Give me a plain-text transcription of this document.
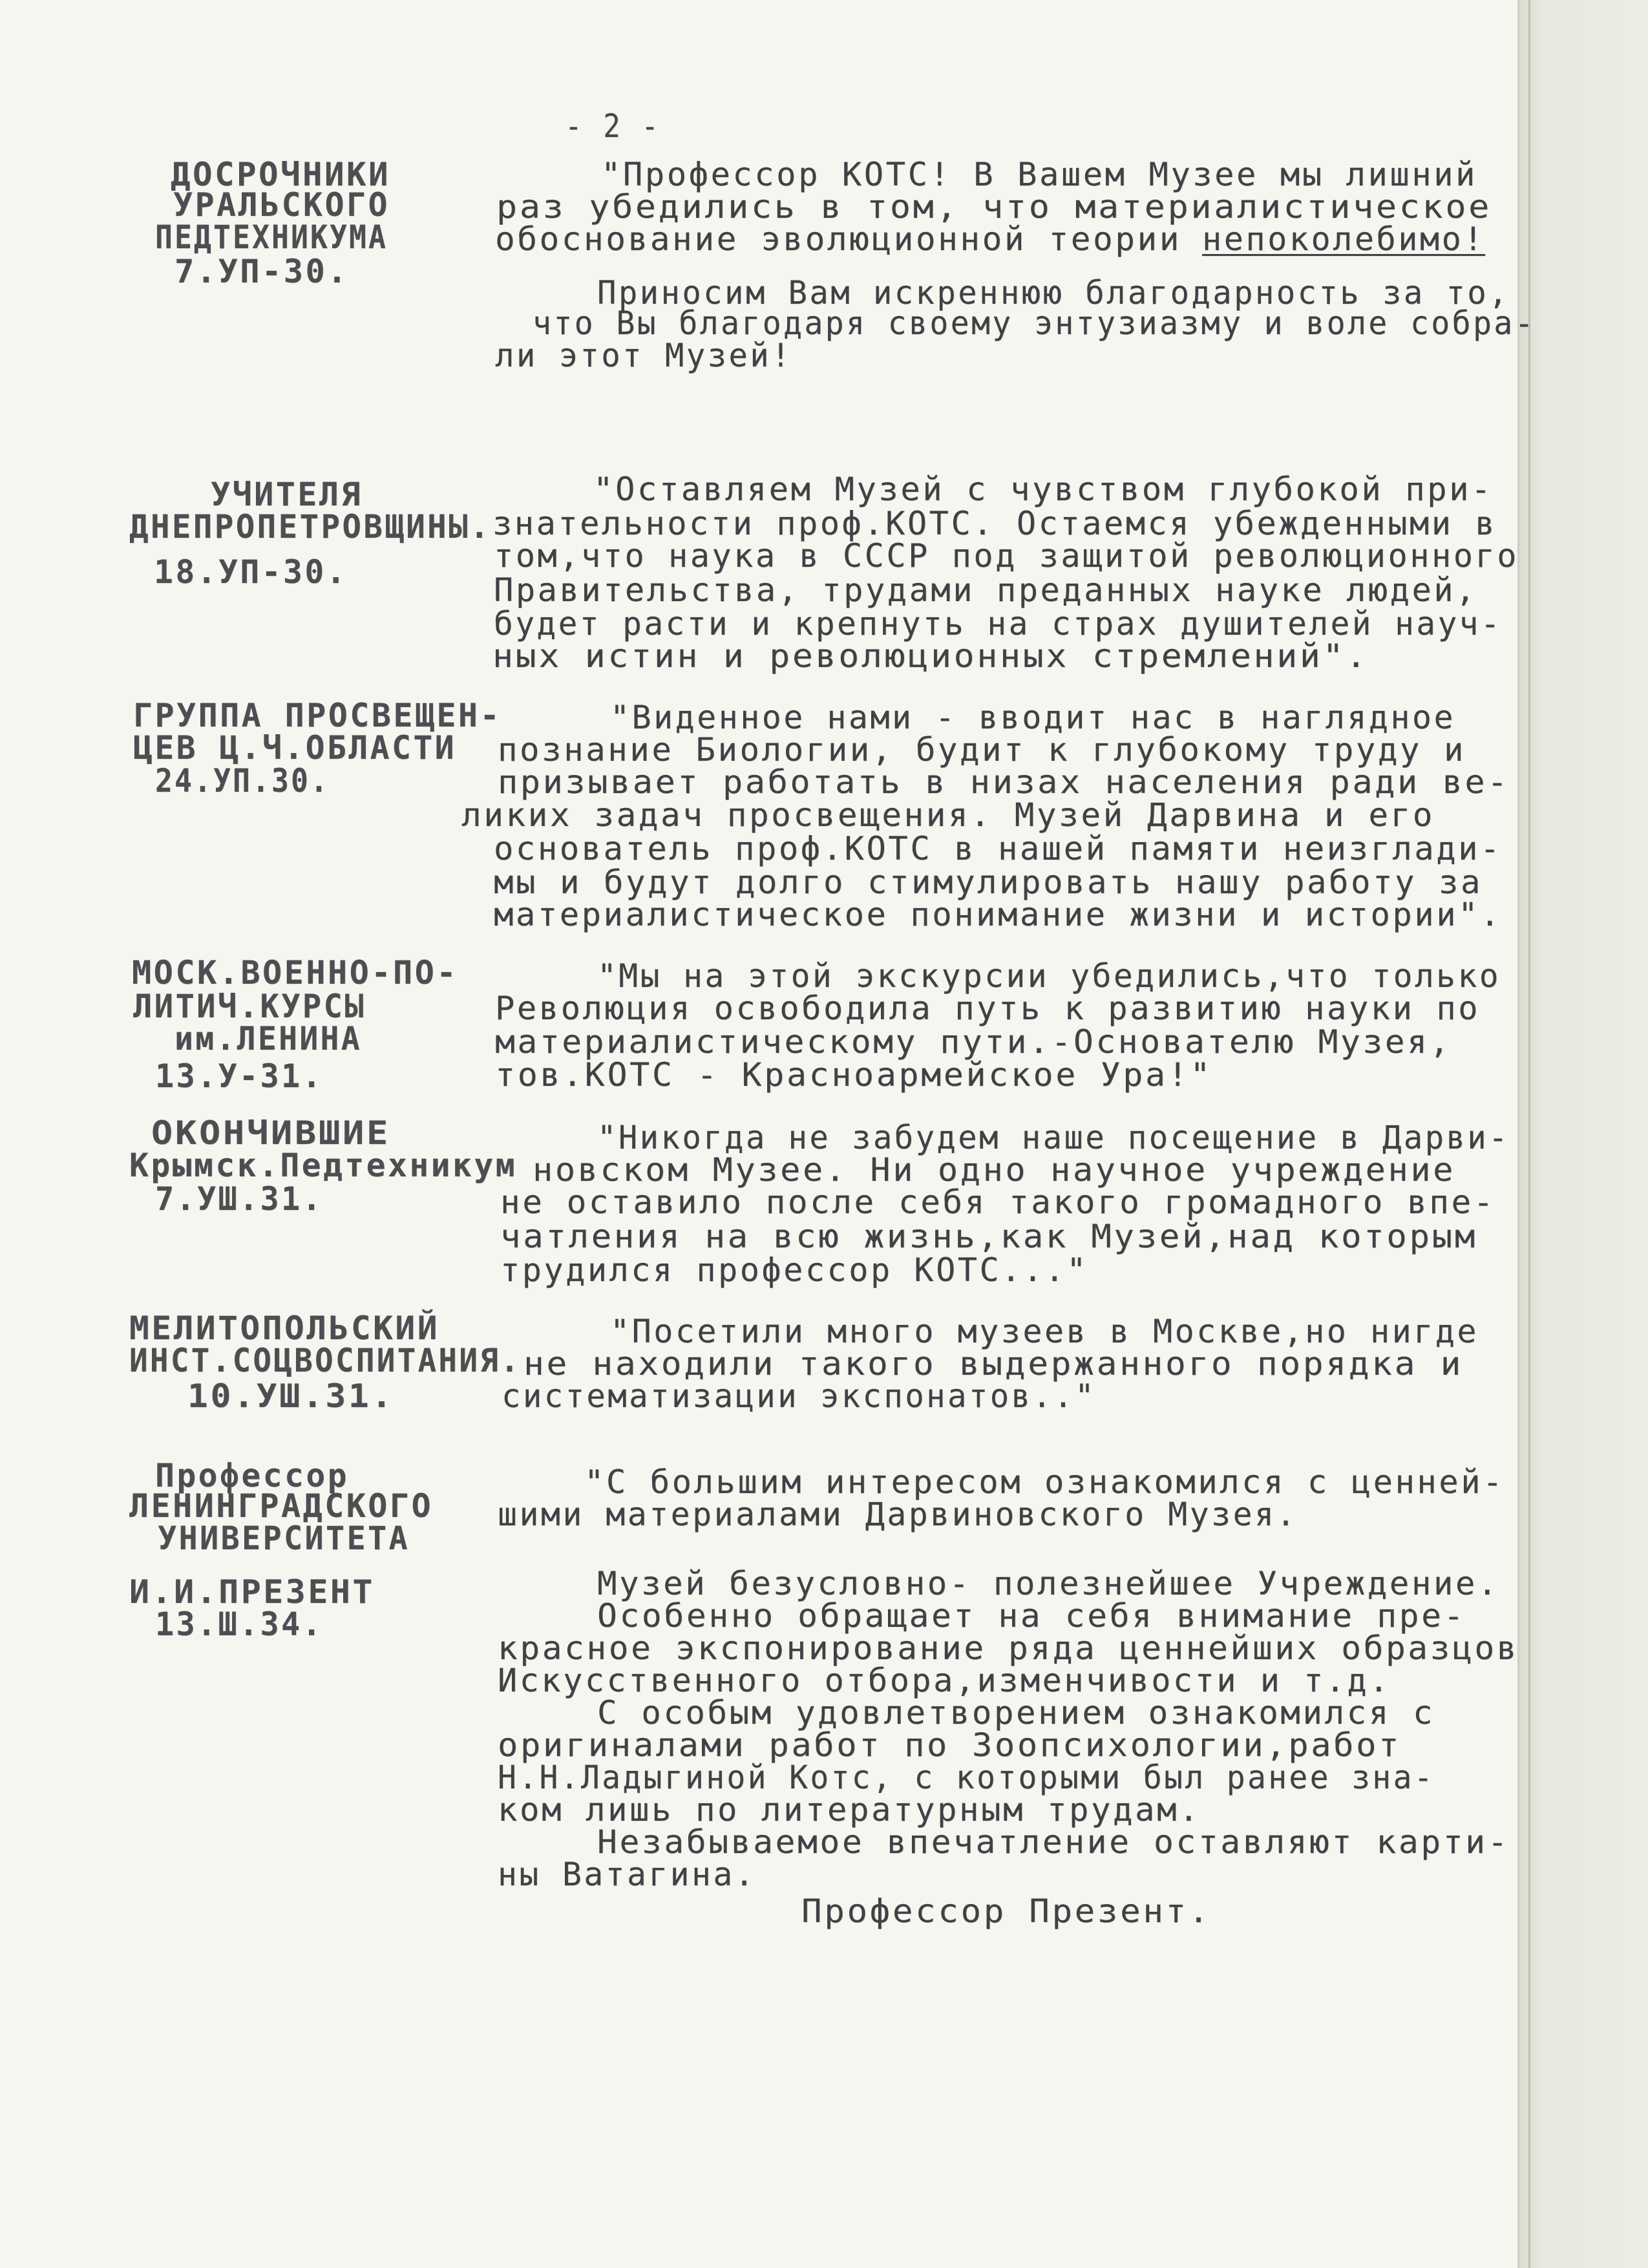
- 2 -
ДОСРОЧНИКИ
УРАЛЬСКОГО
ПЕДТЕХНИКУМА
7.УП-30.
"Профессор КОТС! В Вашем Музее мы лишний
раз убедились в том, что материалистическое
обоснование эволюционной теории непоколебимо!
Приносим Вам искреннюю благодарность за то,
что Вы благодаря своему энтузиазму и воле собра-
ли этот Музей!
УЧИТЕЛЯ
ДНЕПРОПЕТРОВЩИНЫ.
18.УП-30.
"Оставляем Музей с чувством глубокой при-
знательности проф.КОТС. Остаемся убежденными в
том,что наука в СССР под защитой революционного
Правительства, трудами преданных науке людей,
будет расти и крепнуть на страх душителей науч-
ных истин и революционных стремлений".
ГРУППА ПРОСВЕЩЕН-
ЦЕВ Ц.Ч.ОБЛАСТИ
24.УП.30.
"Виденное нами - вводит нас в наглядное
познание Биологии, будит к глубокому труду и
призывает работать в низах населения ради ве-
ликих задач просвещения. Музей Дарвина и его
основатель проф.КОТС в нашей памяти неизглади-
мы и будут долго стимулировать нашу работу за
материалистическое понимание жизни и истории".
МОСК.ВОЕННО-ПО-
ЛИТИЧ.КУРСЫ
им.ЛЕНИНА
13.У-31.
"Мы на этой экскурсии убедились,что только
Революция освободила путь к развитию науки по
материалистическому пути.-Основателю Музея,
тов.КОТС - Красноармейское Ура!"
ОКОНЧИВШИЕ
Крымск.Педтехникум
7.УШ.31.
"Никогда не забудем наше посещение в Дарви-
новском Музее. Ни одно научное учреждение
не оставило после себя такого громадного впе-
чатления на всю жизнь,как Музей,над которым
трудился профессор КОТС..."
МЕЛИТОПОЛЬСКИЙ
ИНСТ.СОЦВОСПИТАНИЯ.
10.УШ.31.
"Посетили много музеев в Москве,но нигде
не находили такого выдержанного порядка и
систематизации экспонатов.."
Профессор
ЛЕНИНГРАДСКОГО
УНИВЕРСИТЕТА
И.И.ПРЕЗЕНТ
13.Ш.34.
"С большим интересом ознакомился с ценней-
шими материалами Дарвиновского Музея.
Музей безусловно- полезнейшее Учреждение.
Особенно обращает на себя внимание пре-
красное экспонирование ряда ценнейших образцов
Искусственного отбора,изменчивости и т.д.
С особым удовлетворением ознакомился с
оригиналами работ по Зоопсихологии,работ
Н.Н.Ладыгиной Котс, с которыми был ранее зна-
ком лишь по литературным трудам.
Незабываемое впечатление оставляют карти-
ны Ватагина.
Профессор Презент.
